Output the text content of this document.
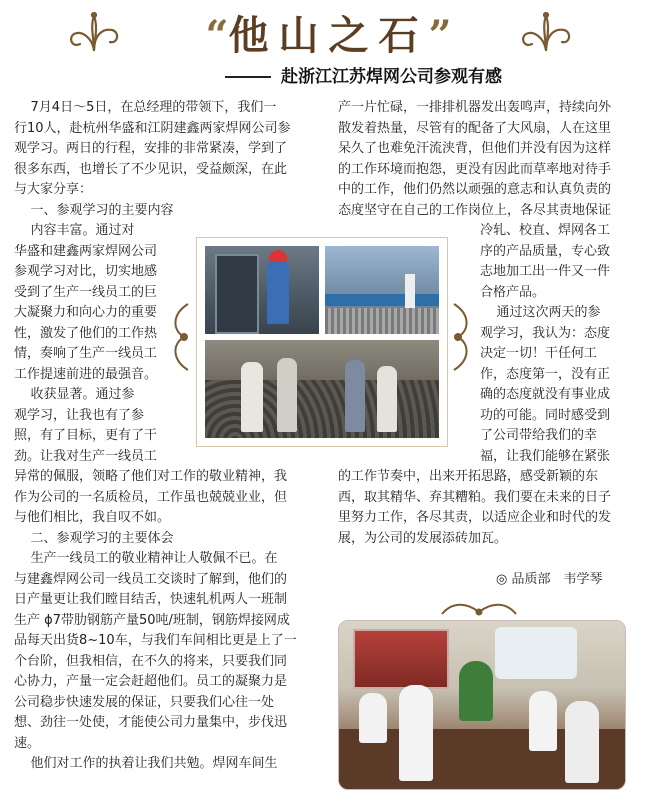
“他山之石”
赴浙江江苏焊网公司参观有感

7月4日～5日，在总经理的带领下，我们一

行10人，赴杭州华盛和江阴建鑫两家焊网公司参

观学习。两日的行程，安排的非常紧凑，学到了

很多东西，也增长了不少见识，受益颇深，在此

与大家分享：

一、参观学习的主要内容

内容丰富。通过对

华盛和建鑫两家焊网公司

参观学习对比，切实地感

受到了生产一线员工的巨

大凝聚力和向心力的重要

性，激发了他们的工作热

情，奏响了生产一线员工

工作提速前进的最强音。

收获显著。通过参

观学习，让我也有了参

照，有了目标，更有了干

劲。让我对生产一线员工

异常的佩服，领略了他们对工作的敬业精神，我

作为公司的一名质检员，工作虽也兢兢业业，但

与他们相比，我自叹不如。

二、参观学习的主要体会

生产一线员工的敬业精神让人敬佩不已。在

与建鑫焊网公司一线员工交谈时了解到，他们的

日产量更让我们瞠目结舌，快速轧机两人一班制

生产 ϕ7带肋钢筋产量50吨/班制，钢筋焊接网成

品每天出货8~10车，与我们车间相比更是上了一

个台阶，但我相信，在不久的将来，只要我们同

心协力，产量一定会赶超他们。员工的凝聚力是

公司稳步快速发展的保证，只要我们心往一处

想、劲往一处使，才能使公司力量集中，步伐迅

速。

他们对工作的执着让我们共勉。焊网车间生

产一片忙碌，一排排机器发出轰鸣声，持续向外

散发着热量，尽管有的配备了大风扇，人在这里

呆久了也难免汗流浃背，但他们并没有因为这样

的工作环境而抱怨，更没有因此而草率地对待手

中的工作，他们仍然以顽强的意志和认真负责的

态度坚守在自己的工作岗位上，各尽其责地保证

冷轧、校直、焊网各工

序的产品质量，专心致

志地加工出一件又一件

合格产品。

通过这次两天的参

观学习，我认为：态度

决定一切！干任何工

作，态度第一，没有正

确的态度就没有事业成

功的可能。同时感受到

了公司带给我们的幸

福，让我们能够在紧张

的工作节奏中，出来开拓思路，感受新颖的东

西，取其精华、弃其糟粕。我们要在未来的日子

里努力工作，各尽其责，以适应企业和时代的发

展，为公司的发展添砖加瓦。

◎ 品质部　韦学琴
